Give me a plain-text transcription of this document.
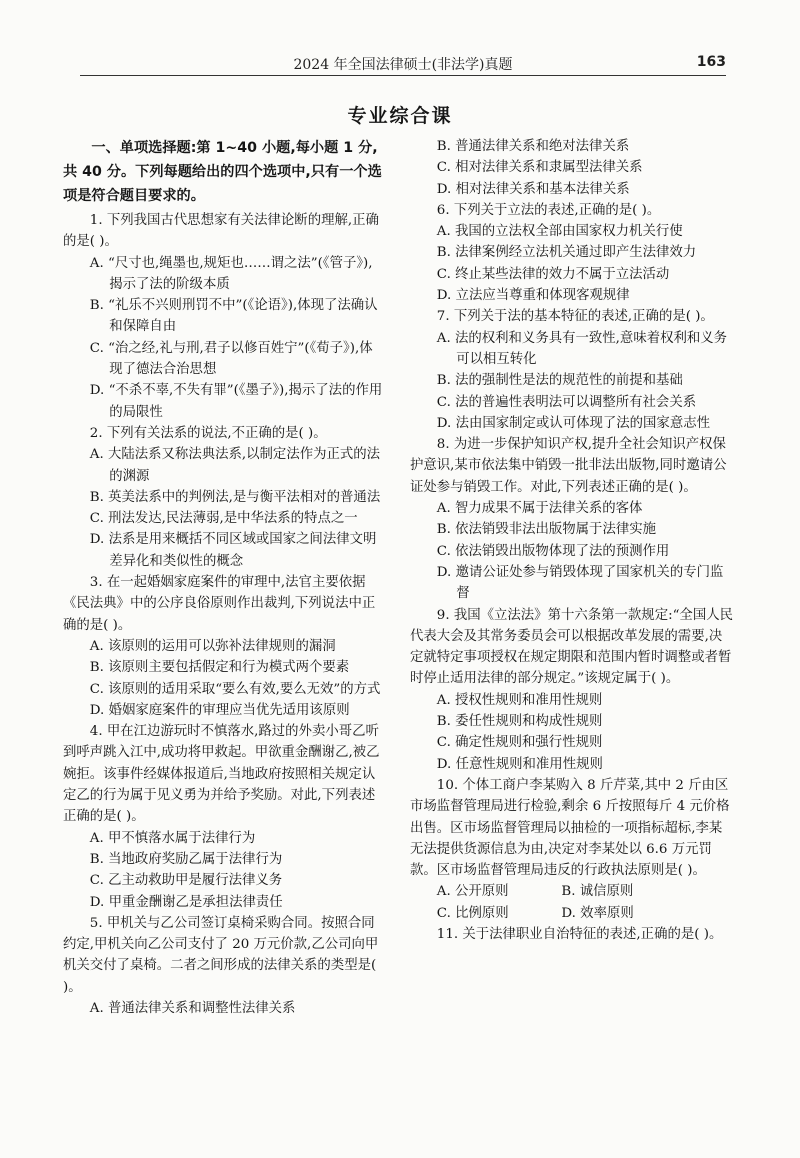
2024 年全国法律硕士(非法学)真题	163
专业综合课
一、单项选择题:第 1~40 小题,每小题 1 分,共 40 分。下列每题给出的四个选项中,只有一个选项是符合题目要求的。

1. 下列我国古代思想家有关法律论断的理解,正确的是( )。

A. “尺寸也,绳墨也,规矩也……谓之法”(《管子》),揭示了法的阶级本质

B. “礼乐不兴则刑罚不中”(《论语》),体现了法确认和保障自由

C. “治之经,礼与刑,君子以修百姓宁”(《荀子》),体现了德法合治思想

D. “不杀不辜,不失有罪”(《墨子》),揭示了法的作用的局限性

2. 下列有关法系的说法,不正确的是( )。

A. 大陆法系又称法典法系,以制定法作为正式的法的渊源

B. 英美法系中的判例法,是与衡平法相对的普通法

C. 刑法发达,民法薄弱,是中华法系的特点之一

D. 法系是用来概括不同区域或国家之间法律文明差异化和类似性的概念

3. 在一起婚姻家庭案件的审理中,法官主要依据《民法典》中的公序良俗原则作出裁判,下列说法中正确的是( )。

A. 该原则的运用可以弥补法律规则的漏洞

B. 该原则主要包括假定和行为模式两个要素

C. 该原则的适用采取“要么有效,要么无效”的方式

D. 婚姻家庭案件的审理应当优先适用该原则

4. 甲在江边游玩时不慎落水,路过的外卖小哥乙听到呼声跳入江中,成功将甲救起。甲欲重金酬谢乙,被乙婉拒。该事件经媒体报道后,当地政府按照相关规定认定乙的行为属于见义勇为并给予奖励。对此,下列表述正确的是( )。

A. 甲不慎落水属于法律行为

B. 当地政府奖励乙属于法律行为

C. 乙主动救助甲是履行法律义务

D. 甲重金酬谢乙是承担法律责任

5. 甲机关与乙公司签订桌椅采购合同。按照合同约定,甲机关向乙公司支付了 20 万元价款,乙公司向甲机关交付了桌椅。二者之间形成的法律关系的类型是( )。

A. 普通法律关系和调整性法律关系

B. 普通法律关系和绝对法律关系

C. 相对法律关系和隶属型法律关系

D. 相对法律关系和基本法律关系

6. 下列关于立法的表述,正确的是( )。

A. 我国的立法权全部由国家权力机关行使

B. 法律案例经立法机关通过即产生法律效力

C. 终止某些法律的效力不属于立法活动

D. 立法应当尊重和体现客观规律

7. 下列关于法的基本特征的表述,正确的是( )。

A. 法的权利和义务具有一致性,意味着权利和义务可以相互转化

B. 法的强制性是法的规范性的前提和基础

C. 法的普遍性表明法可以调整所有社会关系

D. 法由国家制定或认可体现了法的国家意志性

8. 为进一步保护知识产权,提升全社会知识产权保护意识,某市依法集中销毁一批非法出版物,同时邀请公证处参与销毁工作。对此,下列表述正确的是( )。

A. 智力成果不属于法律关系的客体

B. 依法销毁非法出版物属于法律实施

C. 依法销毁出版物体现了法的预测作用

D. 邀请公证处参与销毁体现了国家机关的专门监督

9. 我国《立法法》第十六条第一款规定:“全国人民代表大会及其常务委员会可以根据改革发展的需要,决定就特定事项授权在规定期限和范围内暂时调整或者暂时停止适用法律的部分规定。”该规定属于( )。

A. 授权性规则和准用性规则

B. 委任性规则和构成性规则

C. 确定性规则和强行性规则

D. 任意性规则和准用性规则

10. 个体工商户李某购入 8 斤芹菜,其中 2 斤由区市场监督管理局进行检验,剩余 6 斤按照每斤 4 元价格出售。区市场监督管理局以抽检的一项指标超标,李某无法提供货源信息为由,决定对李某处以 6.6 万元罚款。区市场监督管理局违反的行政执法原则是( )。

A. 公开原则	B. 诚信原则
C. 比例原则	D. 效率原则

11. 关于法律职业自治特征的表述,正确的是( )。
